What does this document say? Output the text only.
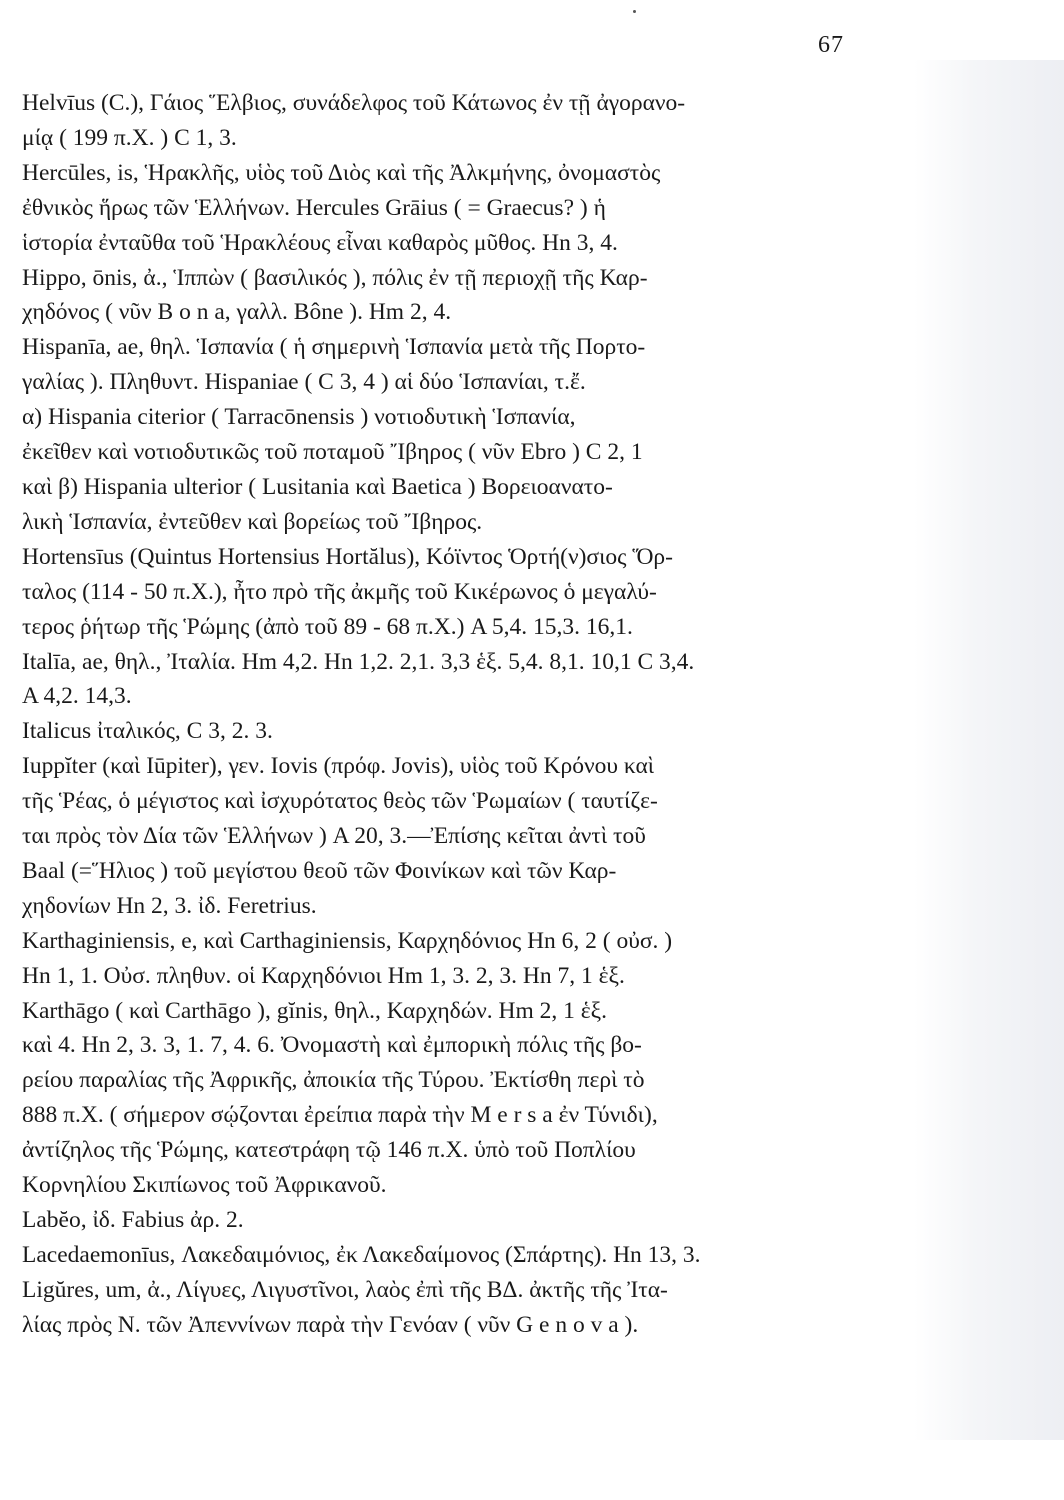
67
Helvīus (C.), Γάιος Ἕλβιος, συνάδελφος τοῦ Κάτωνος ἐν τῇ ἀγορανο-
μίᾳ ( 199 π.Χ. ) C 1, 3.
Hercūles, is, Ἡρακλῆς, υἱὸς τοῦ Διὸς καὶ τῆς Ἀλκμήνης, ὀνομαστὸς
ἐθνικὸς ἥρως τῶν Ἑλλήνων. Hercules Grāius ( = Graecus? ) ἡ
ἱστορία ἐνταῦθα τοῦ Ἡρακλέους εἶναι καθαρὸς μῦθος. Hn 3, 4.
Hippo, ōnis, ἀ., Ἱππὼν ( βασιλικός ), πόλις ἐν τῇ περιοχῇ τῆς Καρ-
χηδόνος ( νῦν B o n a, γαλλ. Bône ). Hm 2, 4.
Hispanīa, ae, θηλ. Ἱσπανία ( ἡ σημερινὴ Ἱσπανία μετὰ τῆς Πορτο-
γαλίας ). Πληθυντ. Hispaniae ( C 3, 4 ) αἱ δύο Ἱσπανίαι, τ.ἔ.
α) Hispania citerior ( Tarracōnensis ) νοτιοδυτικὴ Ἱσπανία,
ἐκεῖθεν καὶ νοτιοδυτικῶς τοῦ ποταμοῦ Ἴβηρος ( νῦν Ebro ) C 2, 1
καὶ β) Hispania ulterior ( Lusitania καὶ Baetica ) Βορειοανατο-
λικὴ Ἱσπανία, ἐντεῦθεν καὶ βορείως τοῦ Ἴβηρος.
Hortensīus (Quintus Hortensius Hortălus), Κόϊντος Ὁρτή(ν)σιος Ὅρ-
ταλος (114 - 50 π.Χ.), ἦτο πρὸ τῆς ἀκμῆς τοῦ Κικέρωνος ὁ μεγαλύ-
τερος ῥήτωρ τῆς Ῥώμης (ἀπὸ τοῦ 89 - 68 π.Χ.) A 5,4. 15,3. 16,1.
Italīa, ae, θηλ., Ἰταλία. Hm 4,2. Hn 1,2. 2,1. 3,3 ἑξ. 5,4. 8,1. 10,1 C 3,4.
A 4,2. 14,3.
Italicus ἰταλικός, C 3, 2. 3.
Iuppĭter (καὶ Iūpiter), γεν. Iovis (πρόφ. Jovis), υἱὸς τοῦ Κρόνου καὶ
τῆς Ῥέας, ὁ μέγιστος καὶ ἰσχυρότατος θεὸς τῶν Ῥωμαίων ( ταυτίζε-
ται πρὸς τὸν Δία τῶν Ἑλλήνων ) A 20, 3.—Ἐπίσης κεῖται ἀντὶ τοῦ
Baal (=Ἥλιος ) τοῦ μεγίστου θεοῦ τῶν Φοινίκων καὶ τῶν Καρ-
χηδονίων Hn 2, 3. ἰδ. Feretrius.
Karthaginiensis, e, καὶ Carthaginiensis, Καρχηδόνιος Hn 6, 2 ( οὐσ. )
Hn 1, 1. Οὐσ. πληθυν. οἱ Καρχηδόνιοι Hm 1, 3. 2, 3. Hn 7, 1 ἑξ.
Karthāgo ( καὶ Carthāgo ), gĭnis, θηλ., Καρχηδών. Hm 2, 1 ἑξ.
καὶ 4. Hn 2, 3. 3, 1. 7, 4. 6. Ὀνομαστὴ καὶ ἐμπορικὴ πόλις τῆς βο-
ρείου παραλίας τῆς Ἀφρικῆς, ἀποικία τῆς Τύρου. Ἐκτίσθη περὶ τὸ
888 π.Χ. ( σήμερον σῴζονται ἐρείπια παρὰ τὴν M e r s a ἐν Τύνιδι),
ἀντίζηλος τῆς Ῥώμης, κατεστράφη τῷ 146 π.Χ. ὑπὸ τοῦ Ποπλίου
Κορνηλίου Σκιπίωνος τοῦ Ἀφρικανοῦ.
Labĕo, ἰδ. Fabius ἀρ. 2.
Lacedaemonīus, Λακεδαιμόνιος, ἐκ Λακεδαίμονος (Σπάρτης). Hn 13, 3.
Ligŭres, um, ἀ., Λίγυες, Λιγυστῖνοι, λαὸς ἐπὶ τῆς ΒΔ. ἀκτῆς τῆς Ἰτα-
λίας πρὸς Ν. τῶν Ἀπεννίνων παρὰ τὴν Γενόαν ( νῦν G e n o v a ).
